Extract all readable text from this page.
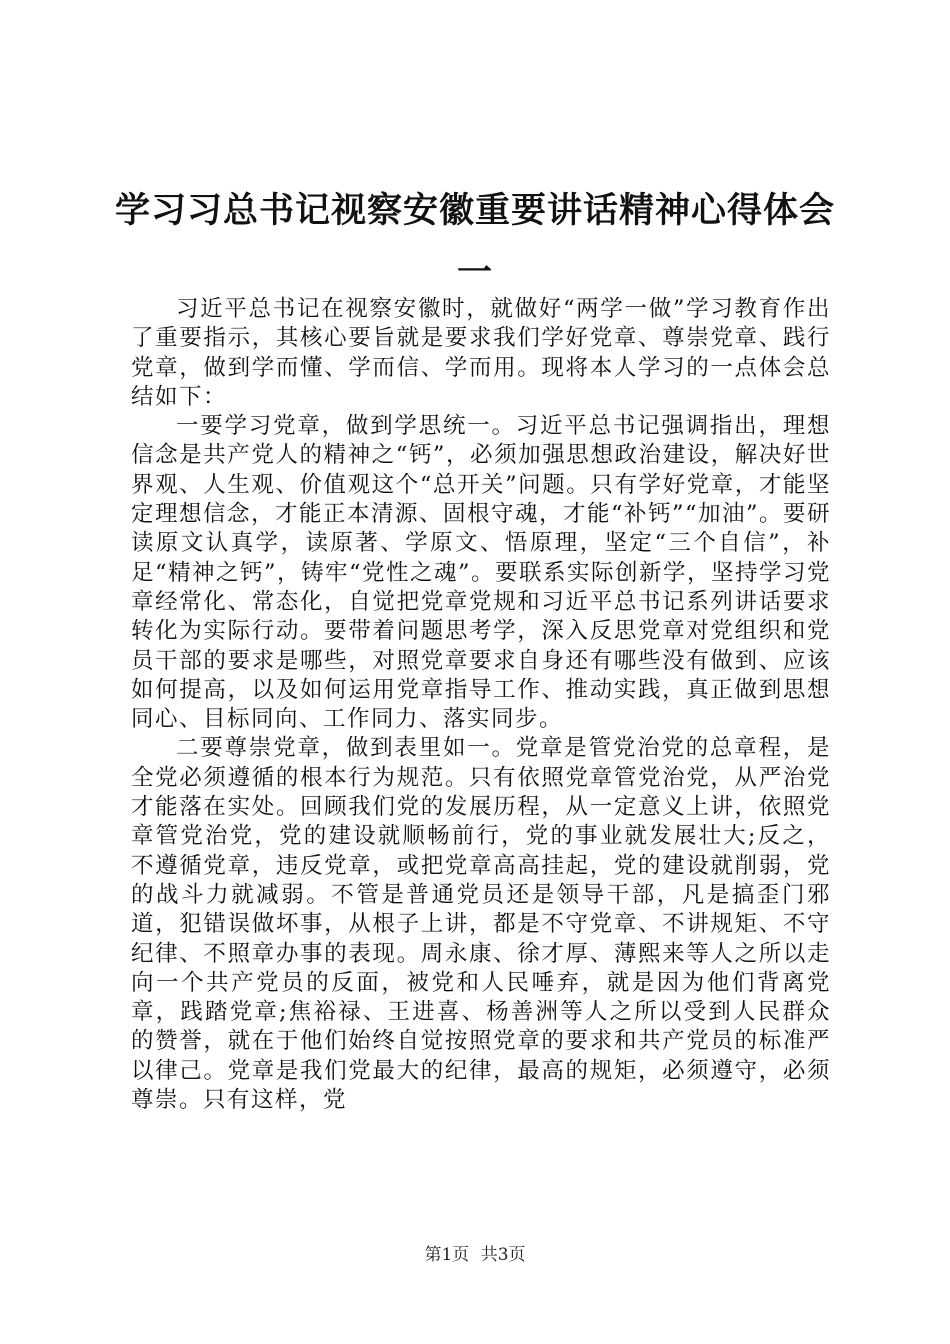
学习习总书记视察安徽重要讲话精神心得体会
一

习近平总书记在视察安徽时，就做好“两学一做”学习教育作出了重要指示，其核心要旨就是要求我们学好党章、尊崇党章、践行党章，做到学而懂、学而信、学而用。现将本人学习的一点体会总结如下：

一要学习党章，做到学思统一。习近平总书记强调指出，理想信念是共产党人的精神之“钙”，必须加强思想政治建设，解决好世界观、人生观、价值观这个“总开关”问题。只有学好党章，才能坚定理想信念，才能正本清源、固根守魂，才能“补钙”“加油”。要研读原文认真学，读原著、学原文、悟原理，坚定“三个自信”，补足“精神之钙”，铸牢“党性之魂”。要联系实际创新学，坚持学习党章经常化、常态化，自觉把党章党规和习近平总书记系列讲话要求转化为实际行动。要带着问题思考学，深入反思党章对党组织和党员干部的要求是哪些，对照党章要求自身还有哪些没有做到、应该如何提高，以及如何运用党章指导工作、推动实践，真正做到思想同心、目标同向、工作同力、落实同步。

二要尊崇党章，做到表里如一。党章是管党治党的总章程，是全党必须遵循的根本行为规范。只有依照党章管党治党，从严治党才能落在实处。回顾我们党的发展历程，从一定意义上讲，依照党章管党治党，党的建设就顺畅前行，党的事业就发展壮大;反之，不遵循党章，违反党章，或把党章高高挂起，党的建设就削弱，党的战斗力就减弱。不管是普通党员还是领导干部，凡是搞歪门邪道，犯错误做坏事，从根子上讲，都是不守党章、不讲规矩、不守纪律、不照章办事的表现。周永康、徐才厚、薄熙来等人之所以走向一个共产党员的反面，被党和人民唾弃，就是因为他们背离党章，践踏党章;焦裕禄、王进喜、杨善洲等人之所以受到人民群众的赞誉，就在于他们始终自觉按照党章的要求和共产党员的标准严以律己。党章是我们党最大的纪律，最高的规矩，必须遵守，必须尊崇。只有这样，党

第1页 共3页
